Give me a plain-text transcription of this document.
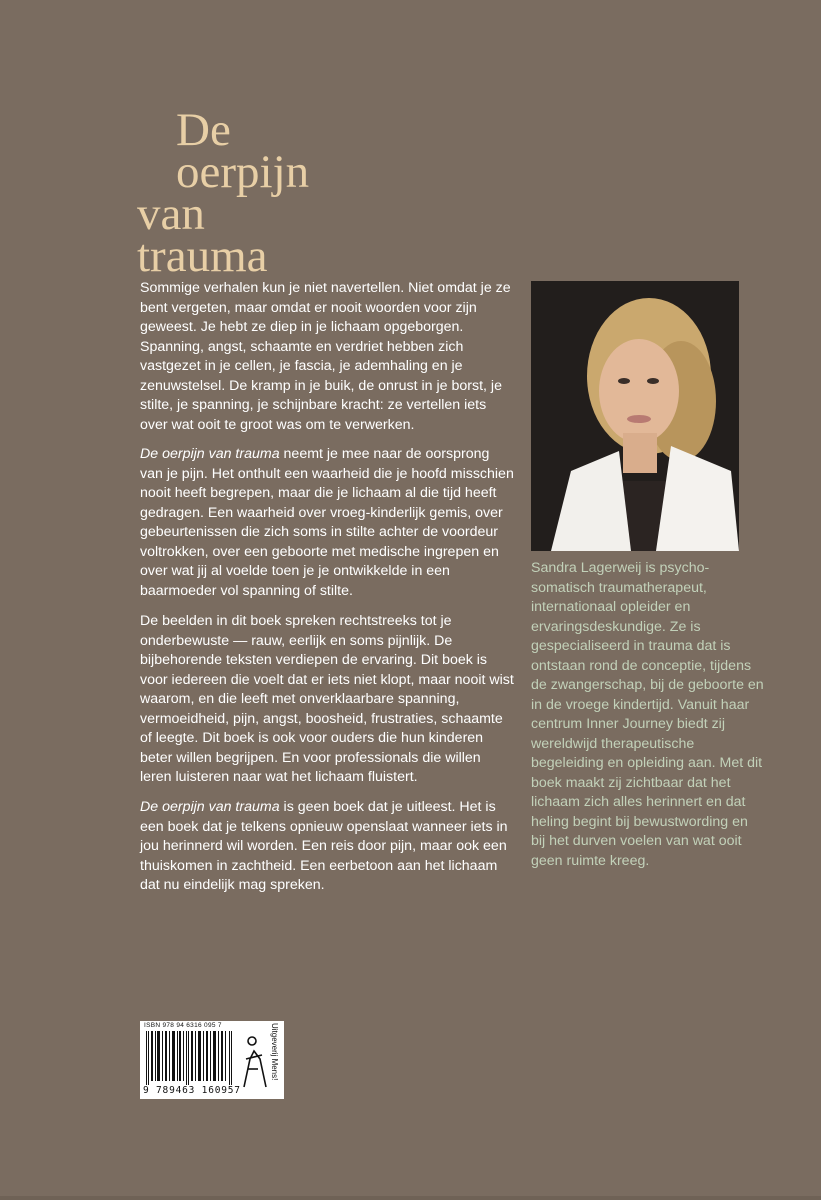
De
oerpijn
van
trauma

Sommige verhalen kun je niet navertellen. Niet omdat je ze bent vergeten, maar omdat er nooit woorden voor zijn geweest. Je hebt ze diep in je lichaam opgeborgen. Spanning, angst, schaamte en verdriet hebben zich vastgezet in je cellen, je fascia, je ademhaling en je zenuwstelsel. De kramp in je buik, de onrust in je borst, je stilte, je spanning, je schijnbare kracht: ze vertellen iets over wat ooit te groot was om te verwerken.

De oerpijn van trauma neemt je mee naar de oorsprong van je pijn. Het onthult een waarheid die je hoofd misschien nooit heeft begrepen, maar die je lichaam al die tijd heeft gedragen. Een waarheid over vroeg-kinderlijk gemis, over gebeurtenissen die zich soms in stilte achter de voordeur voltrokken, over een geboorte met medische ingrepen en over wat jij al voelde toen je je ontwikkelde in een baarmoeder vol spanning of stilte.

De beelden in dit boek spreken rechtstreeks tot je onderbewuste — rauw, eerlijk en soms pijnlijk. De bijbehorende teksten verdiepen de ervaring. Dit boek is voor iedereen die voelt dat er iets niet klopt, maar nooit wist waarom, en die leeft met onverklaarbare spanning, vermoeidheid, pijn, angst, boosheid, frustraties, schaamte of leegte. Dit boek is ook voor ouders die hun kinderen beter willen begrijpen. En voor professionals die willen leren luisteren naar wat het lichaam fluistert.

De oerpijn van trauma is geen boek dat je uitleest. Het is een boek dat je telkens opnieuw openslaat wanneer iets in jou herinnerd wil worden. Een reis door pijn, maar ook een thuiskomen in zachtheid. Een eerbetoon aan het lichaam dat nu eindelijk mag spreken.

Sandra Lagerweij is psycho-somatisch traumatherapeut, internationaal opleider en ervaringsdeskundige. Ze is gespecialiseerd in trauma dat is ontstaan rond de conceptie, tijdens de zwangerschap, bij de geboorte en in de vroege kindertijd. Vanuit haar centrum Inner Journey biedt zij wereldwijd therapeutische begeleiding en opleiding aan. Met dit boek maakt zij zichtbaar dat het lichaam zich alles herinnert en dat heling begint bij bewustwording en bij het durven voelen van wat ooit geen ruimte kreeg.
ISBN 978 94 6316 095 7
9 789463 160957
Uitgeverij Mens!
